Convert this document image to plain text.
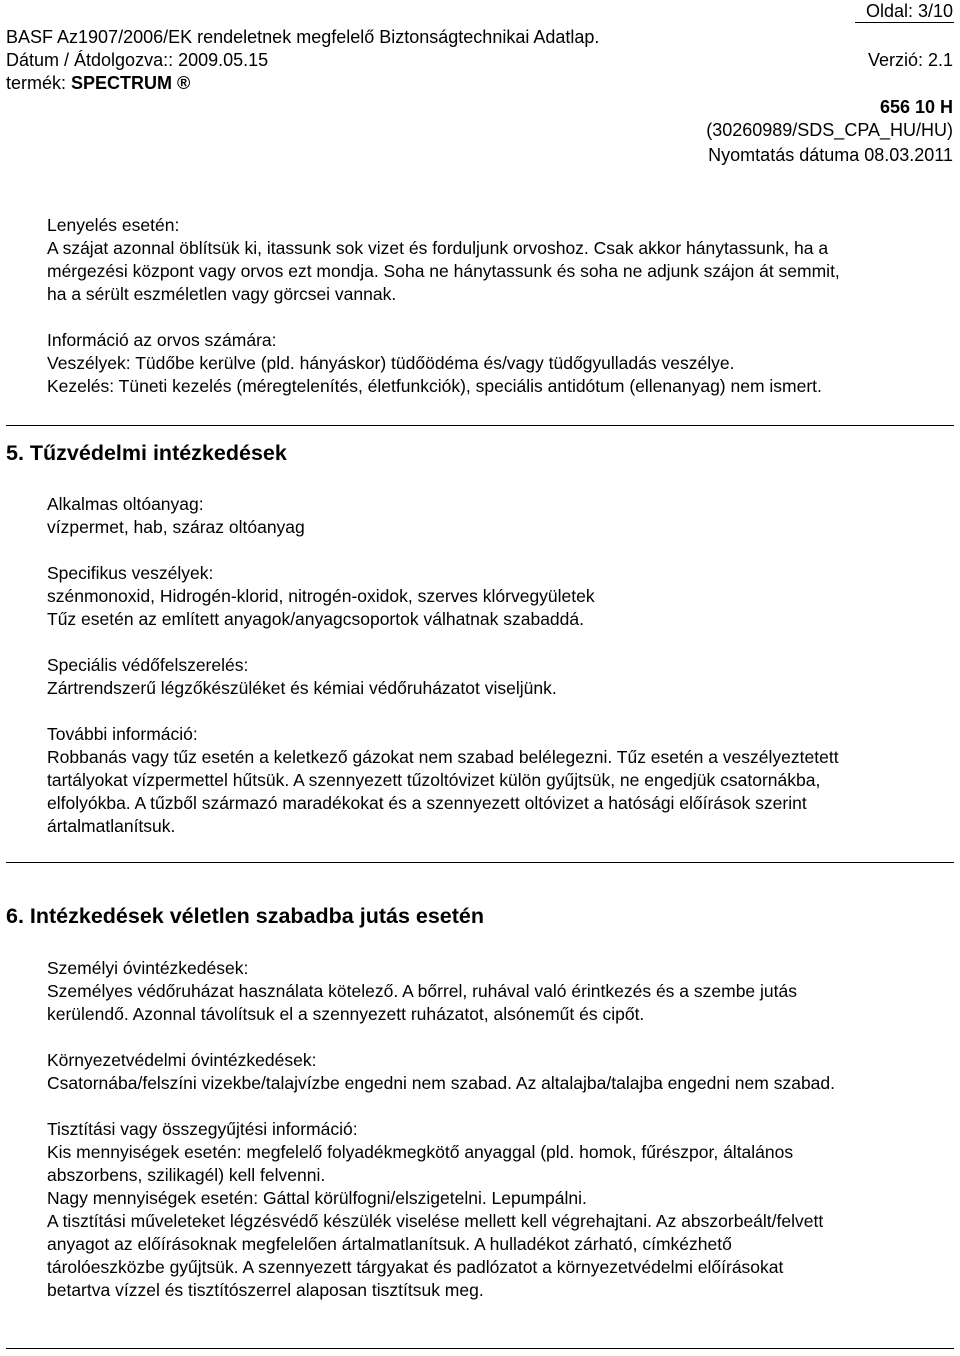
Oldal: 3/10
BASF Az1907/2006/EK rendeletnek megfelelő Biztonságtechnikai Adatlap.
Dátum / Átdolgozva:: 2009.05.15	Verzió: 2.1
termék: SPECTRUM ®
656 10 H
(30260989/SDS_CPA_HU/HU)
Nyomtatás dátuma 08.03.2011

Lenyelés esetén:

A szájat azonnal öblítsük ki, itassunk sok vizet és forduljunk orvoshoz. Csak akkor hánytassunk, ha a

mérgezési központ vagy orvos ezt mondja. Soha ne hánytassunk és soha ne adjunk szájon át semmit,

ha a sérült eszméletlen vagy görcsei vannak.

Információ az orvos számára:

Veszélyek: Tüdőbe kerülve (pld. hányáskor) tüdőödéma és/vagy tüdőgyulladás veszélye.

Kezelés: Tüneti kezelés (méregtelenítés, életfunkciók), speciális antidótum (ellenanyag) nem ismert.

5. Tűzvédelmi intézkedések

Alkalmas oltóanyag:

vízpermet, hab, száraz oltóanyag

Specifikus veszélyek:

szénmonoxid, Hidrogén-klorid, nitrogén-oxidok, szerves klórvegyületek

Tűz esetén az említett anyagok/anyagcsoportok válhatnak szabaddá.

Speciális védőfelszerelés:

Zártrendszerű légzőkészüléket és kémiai védőruházatot viseljünk.

További információ:

Robbanás vagy tűz esetén a keletkező gázokat nem szabad belélegezni. Tűz esetén a veszélyeztetett

tartályokat vízpermettel hűtsük. A szennyezett tűzoltóvizet külön gyűjtsük, ne engedjük csatornákba,

elfolyókba. A tűzből származó maradékokat és a szennyezett oltóvizet a hatósági előírások szerint

ártalmatlanítsuk.

6. Intézkedések véletlen szabadba jutás esetén

Személyi óvintézkedések:

Személyes védőruházat használata kötelező. A bőrrel, ruhával való érintkezés és a szembe jutás

kerülendő. Azonnal távolítsuk el a szennyezett ruházatot, alsóneműt és cipőt.

Környezetvédelmi óvintézkedések:

Csatornába/felszíni vizekbe/talajvízbe engedni nem szabad. Az altalajba/talajba engedni nem szabad.

Tisztítási vagy összegyűjtési információ:

Kis mennyiségek esetén: megfelelő folyadékmegkötő anyaggal (pld. homok, fűrészpor, általános

abszorbens, szilikagél) kell felvenni.

Nagy mennyiségek esetén: Gáttal körülfogni/elszigetelni. Lepumpálni.

A tisztítási műveleteket légzésvédő készülék viselése mellett kell végrehajtani. Az abszorbeált/felvett

anyagot az előírásoknak megfelelően ártalmatlanítsuk. A hulladékot zárható, címkézhető

tárolóeszközbe gyűjtsük. A szennyezett tárgyakat és padlózatot a környezetvédelmi előírásokat

betartva vízzel és tisztítószerrel alaposan tisztítsuk meg.
